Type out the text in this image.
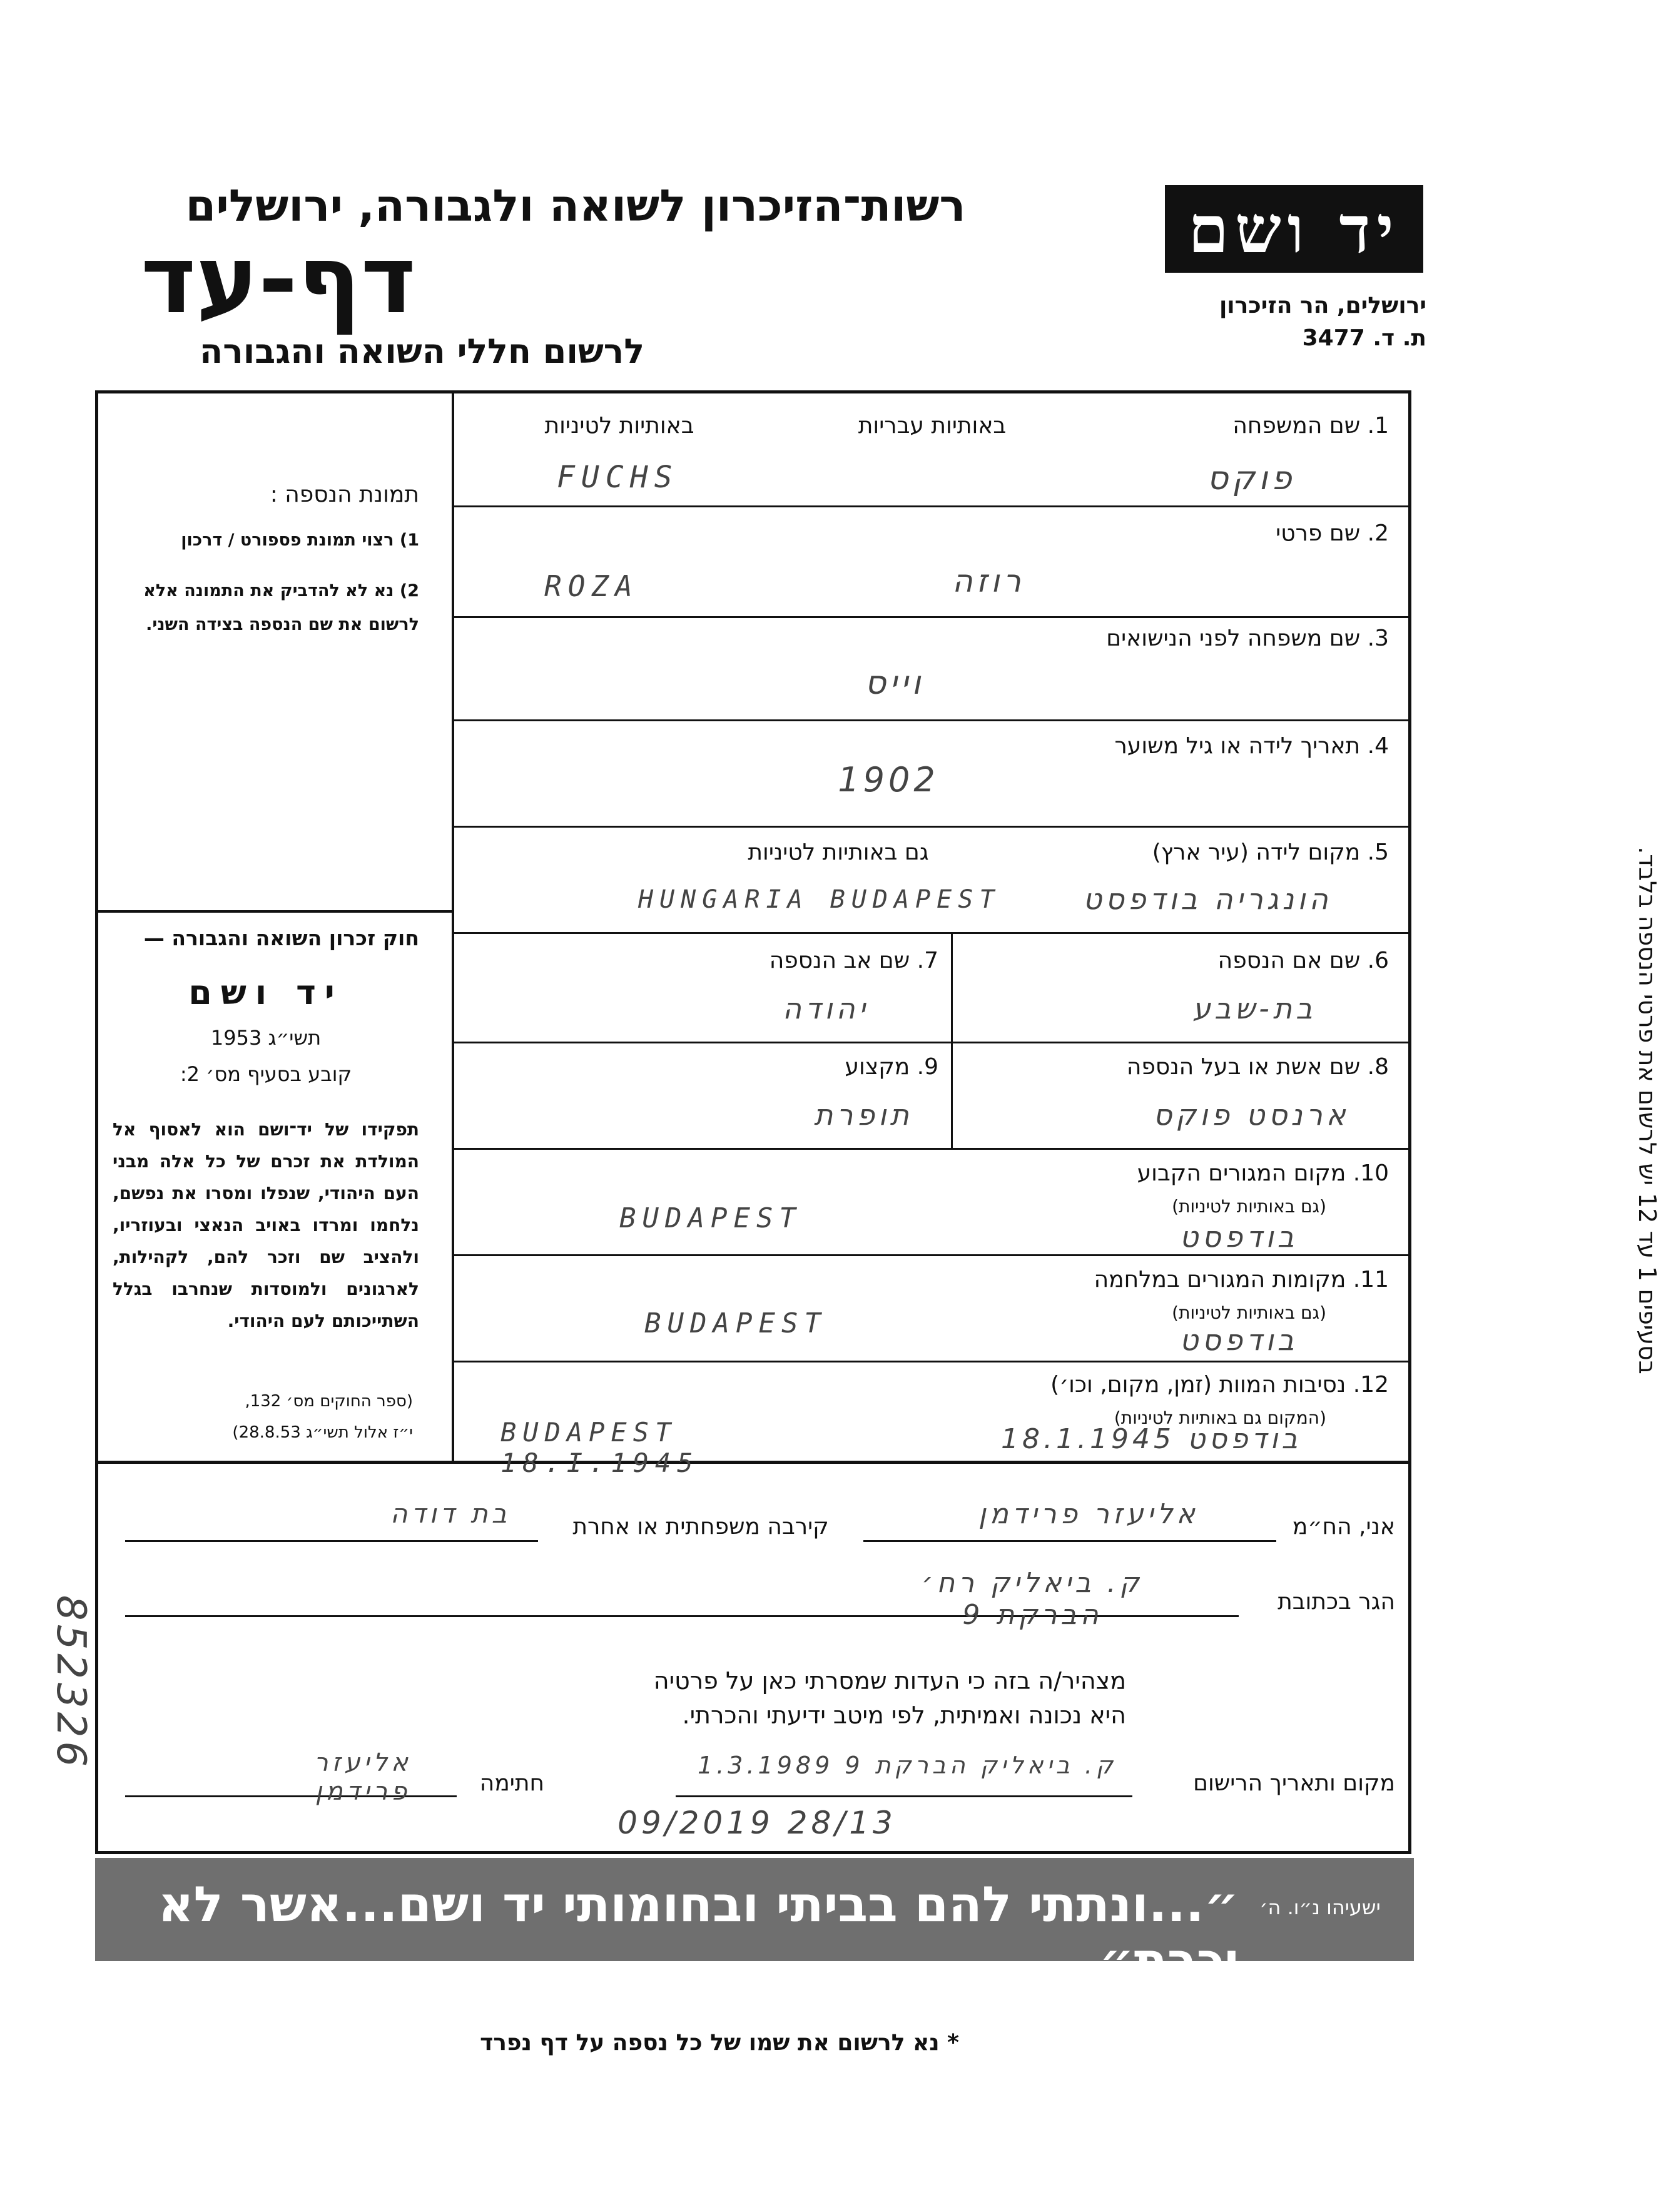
רשות־הזיכרון לשואה ולגבורה, ירושלים
דף-עד
לרשום חללי השואה והגבורה
יד ושם
ירושלים, הר הזיכרון
ת. ד. 3477
תמונת הנספה :
1) רצוי תמונת פספורט / דרכון
2) נא לא להדביק את התמונה אלא לרשום את שם הנספה בצידה השני.
חוק זכרון השואה והגבורה —
יד ושם
תשי״ג 1953
קובע בסעיף מס׳ 2:
תפקידו של יד־ושם הוא לאסוף אל המולדת את זכרם של כל אלה מבני העם היהודי, שנפלו ומסרו את נפשם, נלחמו ומרדו באויב הנאצי ובעוזריו, ולהציב שם וזכר להם, לקהילות, לארגונים ולמוסדות שנחרבו בגלל השתייכותם לעם היהודי.
(ספר החוקים מס׳ 132,
י״ז אלול תשי״ג 28.8.53)
בסעיפים 1 עד 12 יש לרשום את פרטי הנספה בלבד.
1. שם המשפחה
באותיות עבריות
באותיות לטיניות
פוקס
FUCHS
2. שם פרטי
רוזה
ROZA
3. שם משפחה לפני הנישואים
וייס
4. תאריך לידה או גיל משוער
1902
5. מקום לידה (עיר ארץ)
גם באותיות לטיניות
הונגריה בודפסט
HUNGARIA BUDAPEST
6. שם אם הנספה
בת-שבע
7. שם אב הנספה
יהודה
8. שם אשת או בעל הנספה
ארנסט פוקס
9. מקצוע
תופרת
10. מקום המגורים הקבוע
(גם באותיות לטיניות)
בודפסט
BUDAPEST
11. מקומות המגורים במלחמה
(גם באותיות לטיניות)
בודפסט
BUDAPEST
12. נסיבות המוות (זמן, מקום, וכו׳)
(המקום גם באותיות לטיניות)
בודפסט 18.1.1945
BUDAPEST 18.I.1945
אני, הח״מ
אליעזר פרידמן
קירבה משפחתית או אחרת
בת דודה
הגר בכתובת
ק. ביאליק רח׳ הברקת 9
מצהיר/ה בזה כי העדות שמסרתי כאן על פרטיה
היא נכונה ואמיתית, לפי מיטב ידיעתי והכרתי.
מקום ותאריך הרישום
ק. ביאליק הברקת 9 1.3.1989
חתימה
אליעזר פרידמן
09/2019 28/13
852326
״...ונתתי להם בביתי ובחומותי יד ושם...אשר לא יכרת״
ישעיהו נ״ו. ה׳
* נא לרשום את שמו של כל נספה על דף נפרד
